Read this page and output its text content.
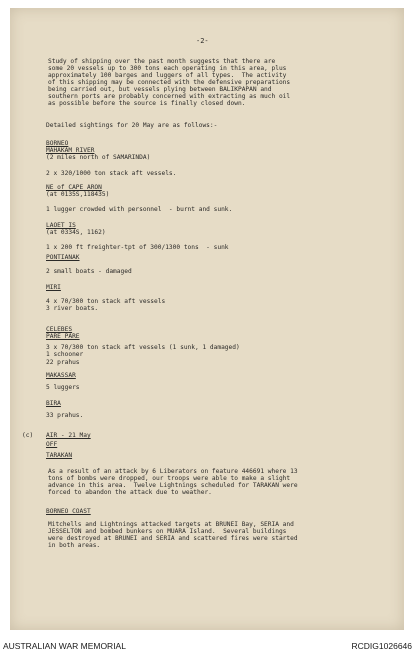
-2-
Study of shipping over the past month suggests that there are
some 20 vessels up to 300 tons each operating in this area, plus
approximately 100 barges and luggers of all types.  The activity
of this shipping may be connected with the defensive preparations
being carried out, but vessels plying between BALIKPAPAN and
southern ports are probably concerned with extracting as much oil
as possible before the source is finally closed down.
Detailed sightings for 20 May are as follows:-
BORNEO
MAHAKAM RIVER
(2 miles north of SAMARINDA)
2 x 320/1000 ton stack aft vessels.
NE of CAPE ARON
(at 0135S,118435)
1 lugger crowded with personnel  - burnt and sunk.
LAOET IS
(at 0334S, 1162)
1 x 200 ft freighter-tpt of 300/1300 tons  - sunk
PONTIANAK
2 small boats - damaged
MIRI
4 x 70/300 ton stack aft vessels
3 river boats.
CELEBES
PARE PARE
3 x 70/300 ton stack aft vessels (1 sunk, 1 damaged)
1 schooner
22 prahus
MAKASSAR
5 luggers
BIRA
33 prahus.
(c) AIR - 21 May
OFF
TARAKAN
As a result of an attack by 6 Liberators on feature 446691 where 13
tons of bombs were dropped, our troops were able to make a slight
advance in this area.  Twelve Lightnings scheduled for TARAKAN were
forced to abandon the attack due to weather.
BORNEO COAST
Mitchells and Lightnings attacked targets at BRUNEI Bay, SERIA and
JESSELTON and bombed bunkers on MUARA Island.  Several buildings
were destroyed at BRUNEI and SERIA and scattered fires were started
in both areas.
AUSTRALIAN WAR MEMORIAL	RCDIG1026646
